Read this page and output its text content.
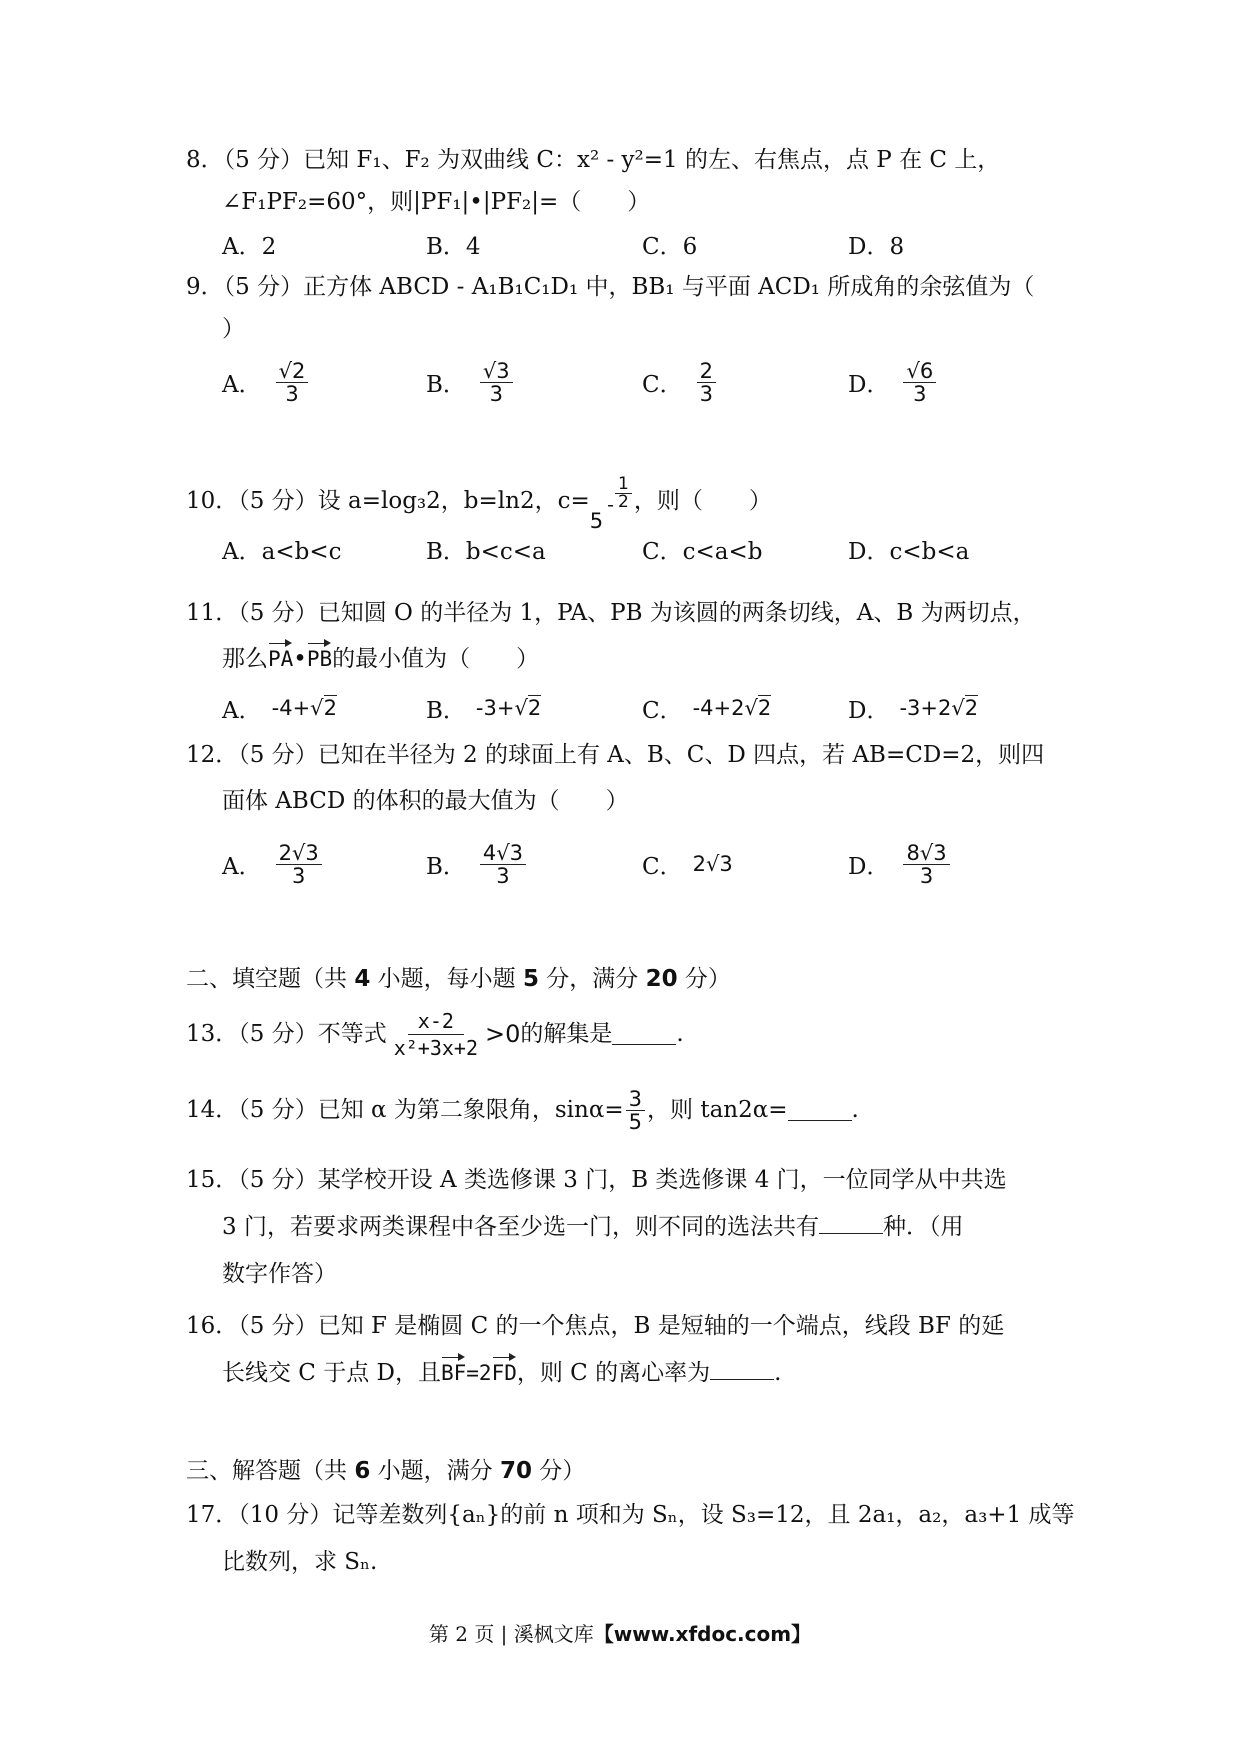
8．（5 分）已知 F₁、F₂ 为双曲线 C：x² - y²=1 的左、右焦点，点 P 在 C 上，
∠F₁PF₂=60°，则|PF₁|•|PF₂|=（　　）
A．2	B．4	C．6	D．8
9．（5 分）正方体 ABCD - A₁B₁C₁D₁ 中，BB₁ 与平面 ACD₁ 所成角的余弦值为（
）
A． $\frac{√2}{3}$	B． $\frac{√3}{3}$	C． $\frac{2}{3}$	D． $\frac{√6}{3}$
10．（5 分）设 a=log₃2，b=ln2，c=
5
- $\frac{1}{2}$ ，则（　　）
A．a<b<c	B．b<c<a	C．c<a<b	D．c<b<a
11．（5 分）已知圆 O 的半径为 1，PA、PB 为该圆的两条切线，A、B 为两切点，
那么PA•PB的最小值为（　　）
A． -4+√2	B． -3+√2	C． -4+2√2	D． -3+2√2
12．（5 分）已知在半径为 2 的球面上有 A、B、C、D 四点，若 AB=CD=2，则四
面体 ABCD 的体积的最大值为（　　）
A． $\frac{2√3}{3}$	B． $\frac{4√3}{3}$	C． 2√3	D． $\frac{8√3}{3}$
二、填空题（共 4 小题，每小题 5 分，满分 20 分）
13．（5 分）不等式 $\frac{x-2}{\text{x²+3x+2}} >0$ 的解集是	.
14．（5 分）已知 α 为第二象限角，$\sin\alpha= \frac{3}{5}$ ，则 tan2α=	.
15．（5 分）某学校开设 A 类选修课 3 门，B 类选修课 4 门，一位同学从中共选
3 门，若要求两类课程中各至少选一门，则不同的选法共有	种．（用
数字作答）
16．（5 分）已知 F 是椭圆 C 的一个焦点，B 是短轴的一个端点，线段 BF 的延
长线交 C 于点 D，且BF=2FD，则 C 的离心率为	.
三、解答题（共 6 小题，满分 70 分）
17．（10 分）记等差数列{aₙ}的前 n 项和为 Sₙ，设 S₃=12，且 2a₁，a₂，a₃+1 成等
比数列，求 Sₙ.
第 2 页 | 溪枫文库【www.xfdoc.com】
